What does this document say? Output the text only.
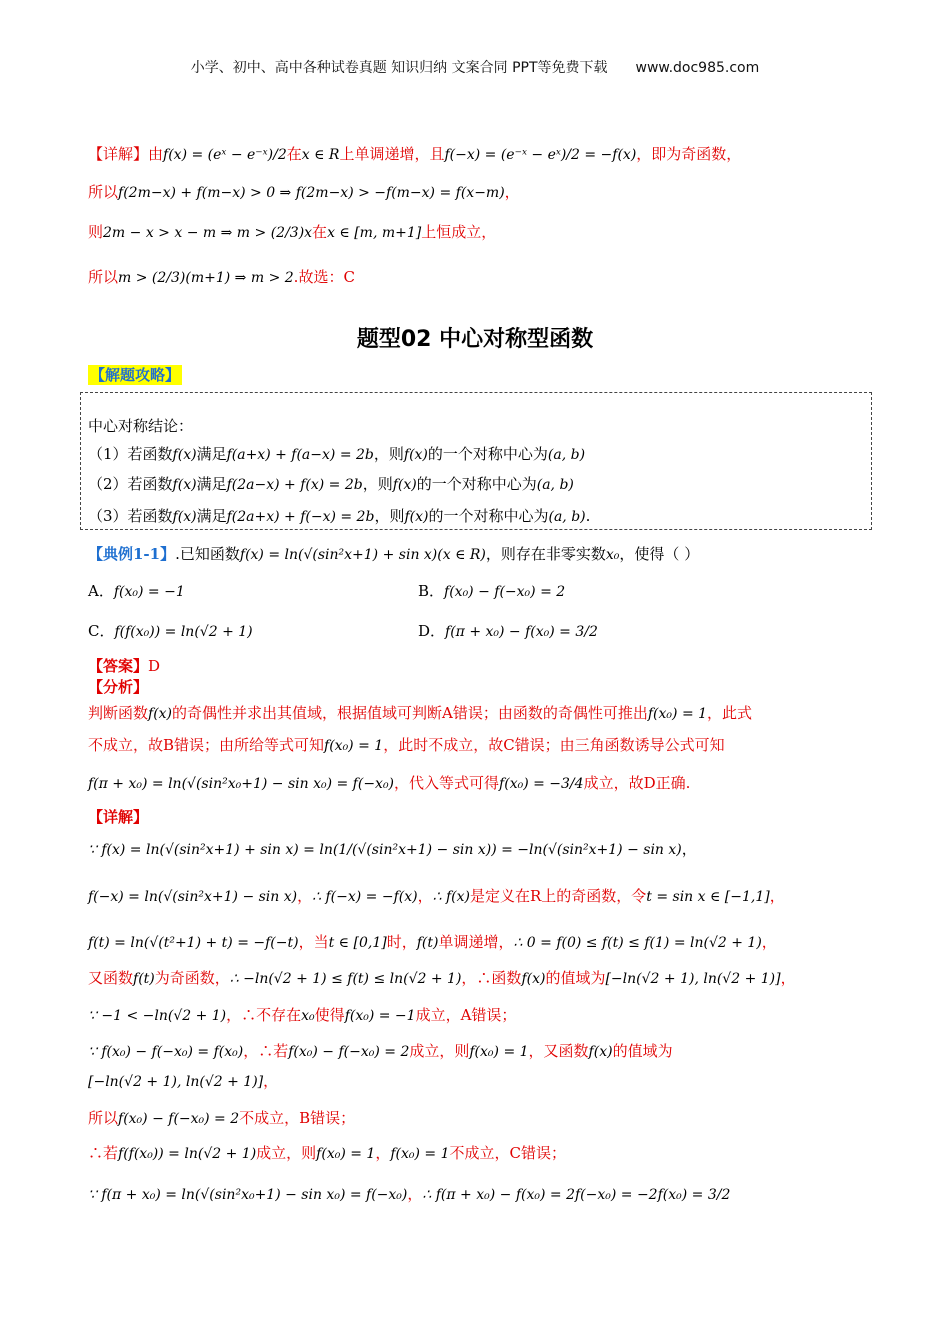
小学、初中、高中各种试卷真题 知识归纳 文案合同 PPT等免费下载 www.doc985.com
【详解】由f(x) = (eˣ − e⁻ˣ)/2在x ∈ R上单调递增，且f(−x) = (e⁻ˣ − eˣ)/2 = −f(x)，即为奇函数，
所以f(2m−x) + f(m−x) > 0 ⇒ f(2m−x) > −f(m−x) = f(x−m)，
则2m − x > x − m ⇒ m > (2/3)x在x ∈ [m, m+1]上恒成立，
所以m > (2/3)(m+1) ⇒ m > 2.故选：C
题型02 中心对称型函数
【解题攻略】
中心对称结论：
（1）若函数f(x)满足f(a+x) + f(a−x) = 2b，则f(x)的一个对称中心为(a, b)
（2）若函数f(x)满足f(2a−x) + f(x) = 2b，则f(x)的一个对称中心为(a, b)
（3）若函数f(x)满足f(2a+x) + f(−x) = 2b，则f(x)的一个对称中心为(a, b).
【典例1-1】.已知函数f(x) = ln(√(sin²x+1) + sin x)(x ∈ R)，则存在非零实数x₀，使得（ ）
A．f(x₀) = −1	B．f(x₀) − f(−x₀) = 2
C．f(f(x₀)) = ln(√2 + 1)	D．f(π + x₀) − f(x₀) = 3/2
【答案】D
【分析】
判断函数f(x)的奇偶性并求出其值域，根据值域可判断A错误；由函数的奇偶性可推出f(x₀) = 1，此式
不成立，故B错误；由所给等式可知f(x₀) = 1，此时不成立，故C错误；由三角函数诱导公式可知
f(π + x₀) = ln(√(sin²x₀+1) − sin x₀) = f(−x₀)，代入等式可得f(x₀) = −3/4成立，故D正确.
【详解】
∵ f(x) = ln(√(sin²x+1) + sin x) = ln(1/(√(sin²x+1) − sin x)) = −ln(√(sin²x+1) − sin x)，
f(−x) = ln(√(sin²x+1) − sin x)，∴ f(−x) = −f(x)，∴ f(x)是定义在R上的奇函数，令t = sin x ∈ [−1,1]，
f(t) = ln(√(t²+1) + t) = −f(−t)，当t ∈ [0,1]时，f(t)单调递增，∴ 0 = f(0) ≤ f(t) ≤ f(1) = ln(√2 + 1)，
又函数f(t)为奇函数，∴ −ln(√2 + 1) ≤ f(t) ≤ ln(√2 + 1)，∴函数f(x)的值域为[−ln(√2 + 1), ln(√2 + 1)]，
∵ −1 < −ln(√2 + 1)，∴不存在x₀使得f(x₀) = −1成立，A错误；
∵ f(x₀) − f(−x₀) = f(x₀)，∴若f(x₀) − f(−x₀) = 2成立，则f(x₀) = 1，又函数f(x)的值域为
[−ln(√2 + 1), ln(√2 + 1)]，
所以f(x₀) − f(−x₀) = 2不成立，B错误；
∴若f(f(x₀)) = ln(√2 + 1)成立，则f(x₀) = 1，f(x₀) = 1不成立，C错误；
∵ f(π + x₀) = ln(√(sin²x₀+1) − sin x₀) = f(−x₀)，∴ f(π + x₀) − f(x₀) = 2f(−x₀) = −2f(x₀) = 3/2
